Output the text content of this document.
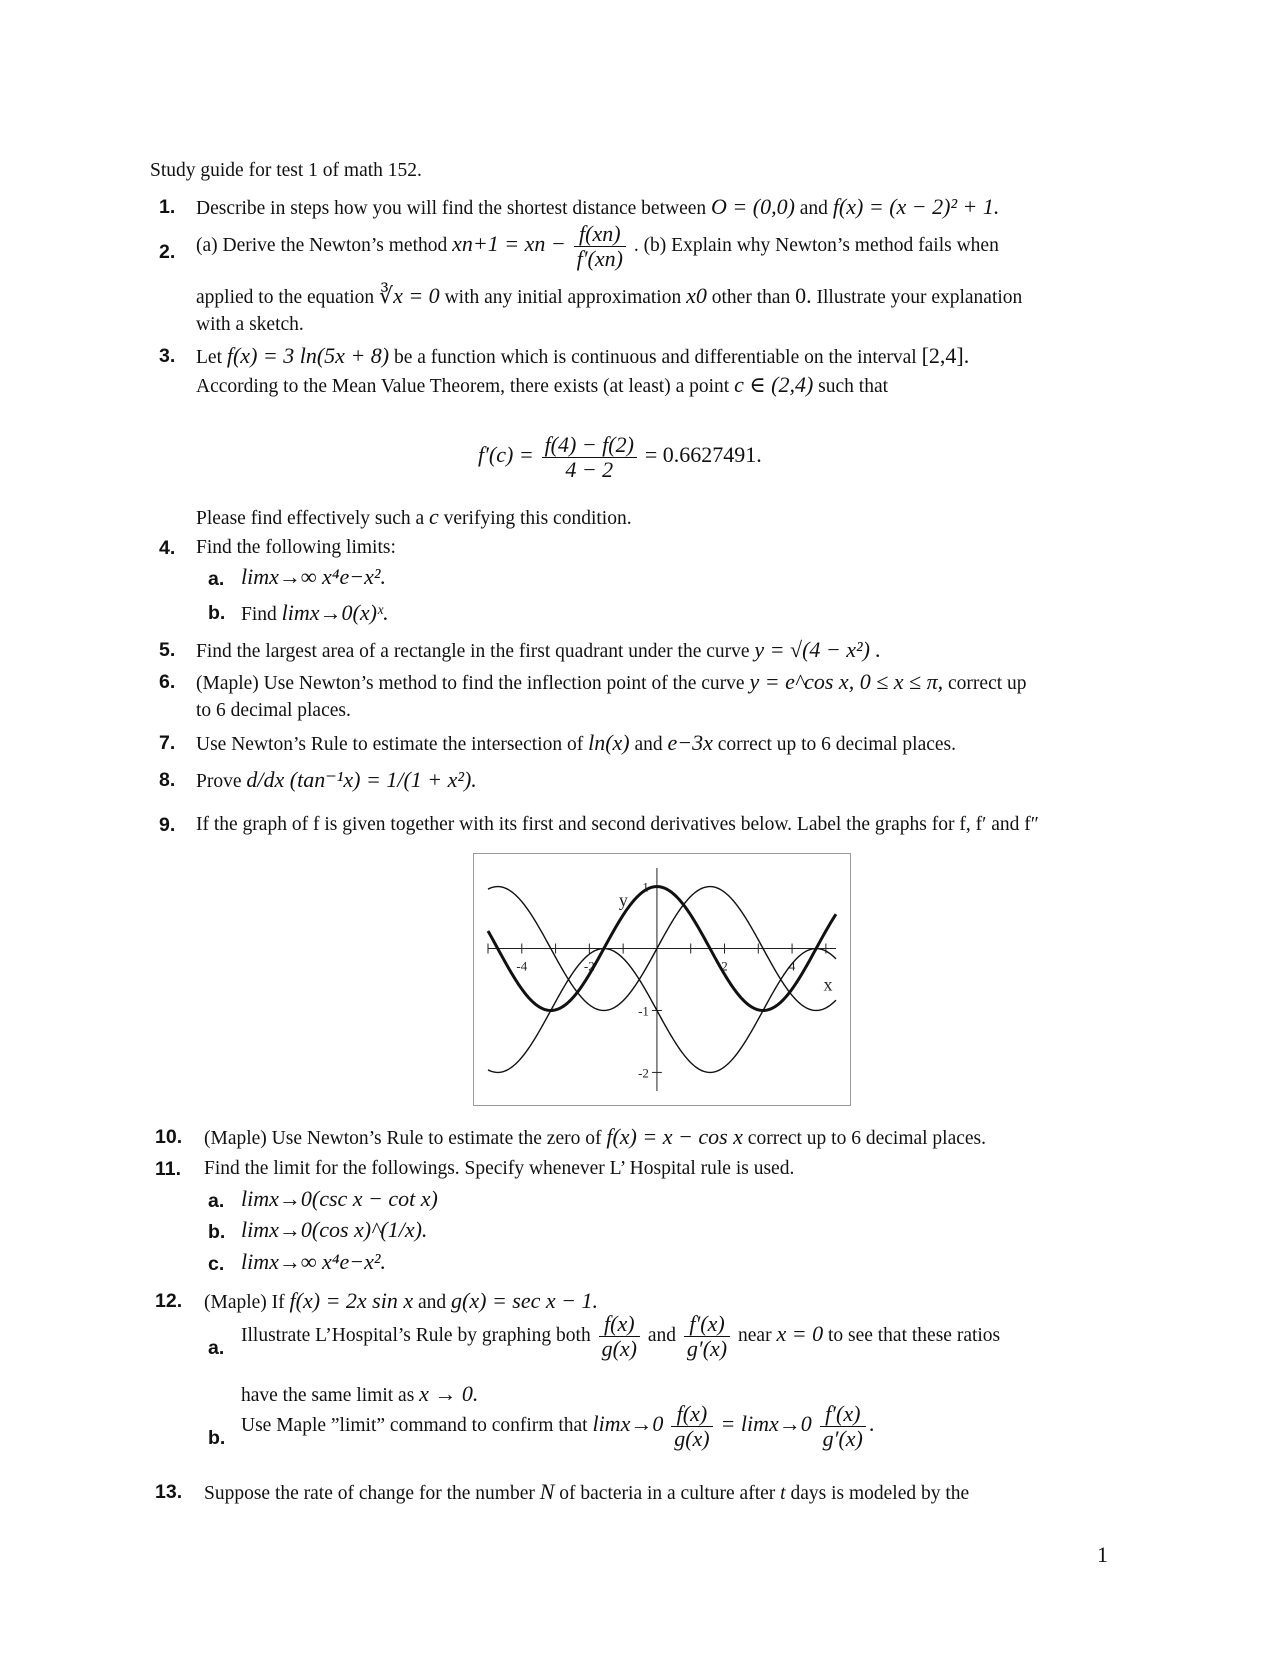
Study guide for test 1 of math 152.
1. Describe in steps how you will find the shortest distance between O = (0,0) and f(x) = (x − 2)² + 1.
2. (a) Derive the Newton’s method xn+1 = xn − $\frac{f(xn)}{f'(xn)}$ . (b) Explain why Newton’s method fails when
applied to the equation ∛x = 0 with any initial approximation x0 other than 0. Illustrate your explanation
with a sketch.
3. Let f(x) = 3 ln(5x + 8) be a function which is continuous and differentiable on the interval [2,4].
According to the Mean Value Theorem, there exists (at least) a point c ∈ (2,4) such that
$f'(c) = \frac{f(4) - f(2)}{4 - 2} = 0.6627491$.
Please find effectively such a c verifying this condition.
4. Find the following limits:
a. limx→∞ x⁴e−x².
b. Find limx→0(x)ˣ.
5. Find the largest area of a rectangle in the first quadrant under the curve y = √(4 − x²) .
6. (Maple) Use Newton’s method to find the inflection point of the curve y = e^cos x, 0 ≤ x ≤ π, correct up
to 6 decimal places.
7. Use Newton’s Rule to estimate the intersection of ln(x) and e−3x correct up to 6 decimal places.
8. Prove d/dx (tan⁻¹x) = 1/(1 + x²).
9. If the graph of f is given together with its first and second derivatives below. Label the graphs for f, f′ and f″
-4	-2	2	4
1
-1
-2
x
y
10. (Maple) Use Newton’s Rule to estimate the zero of f(x) = x − cos x correct up to 6 decimal places.
11. Find the limit for the followings. Specify whenever L’ Hospital rule is used.
a. limx→0(csc x − cot x)
b. limx→0(cos x)^(1/x).
c. limx→∞ x⁴e−x².
12. (Maple) If f(x) = 2x sin x and g(x) = sec x − 1.
a.
Illustrate L’Hospital’s Rule by graphing both $\frac{f(x)}{g(x)}$ and $\frac{f'(x)}{g'(x)}$ near x = 0 to see that these ratios
have the same limit as x → 0.
b.
Use Maple ”limit” command to confirm that $\lim x\to 0 \frac{f(x)}{g(x)} = \lim x\to 0 \frac{f'(x)}{g'(x)}$ .
13. Suppose the rate of change for the number N of bacteria in a culture after t days is modeled by the
1
